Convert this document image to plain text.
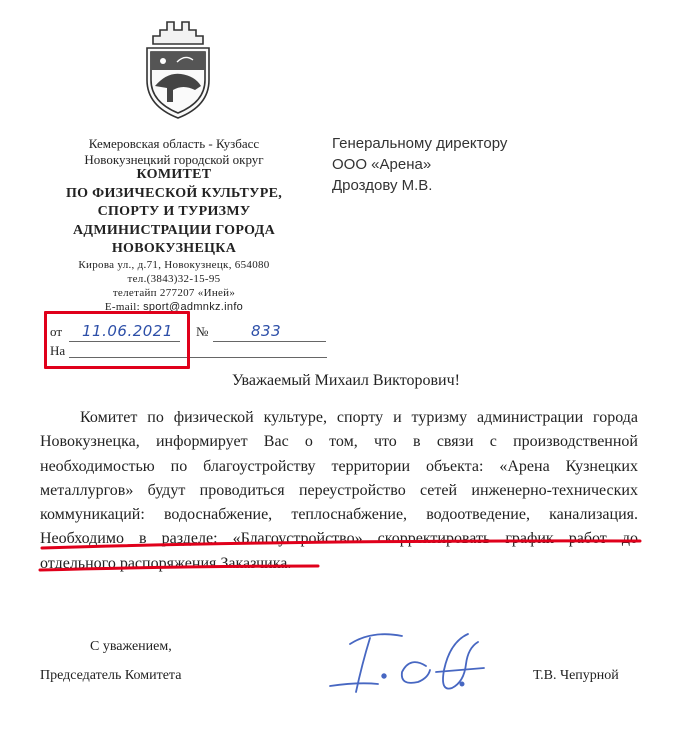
Кемеровская область - Кузбасс
Новокузнецкий городской округ
КОМИТЕТ
ПО ФИЗИЧЕСКОЙ КУЛЬТУРЕ,
СПОРТУ И ТУРИЗМУ
АДМИНИСТРАЦИИ ГОРОДА
НОВОКУЗНЕЦКА
Кирова ул., д.71, Новокузнецк, 654080
тел.(3843)32-15-95
телетайп 277207 «Иней»
E-mail: sport@admnkz.info
Генеральному директору
ООО «Арена»
Дроздову М.В.
от 11.06.2021 №	833
На
Уважаемый Михаил Викторович!
Комитет по физической культуре, спорту и туризму администрации города Новокузнецка, информирует Вас о том, что в связи с производственной необходимостью по благоустройству территории объекта: «Арена Кузнецких металлургов» будут проводиться переустройство сетей инженерно-технических коммуникаций: водоснабжение, теплоснабжение, водоотведение, канализация. Необходимо в разделе: «Благоустройство» скорректировать график работ до отдельного распоряжения Заказчика.
С уважением,
Председатель Комитета	Т.В. Чепурной
